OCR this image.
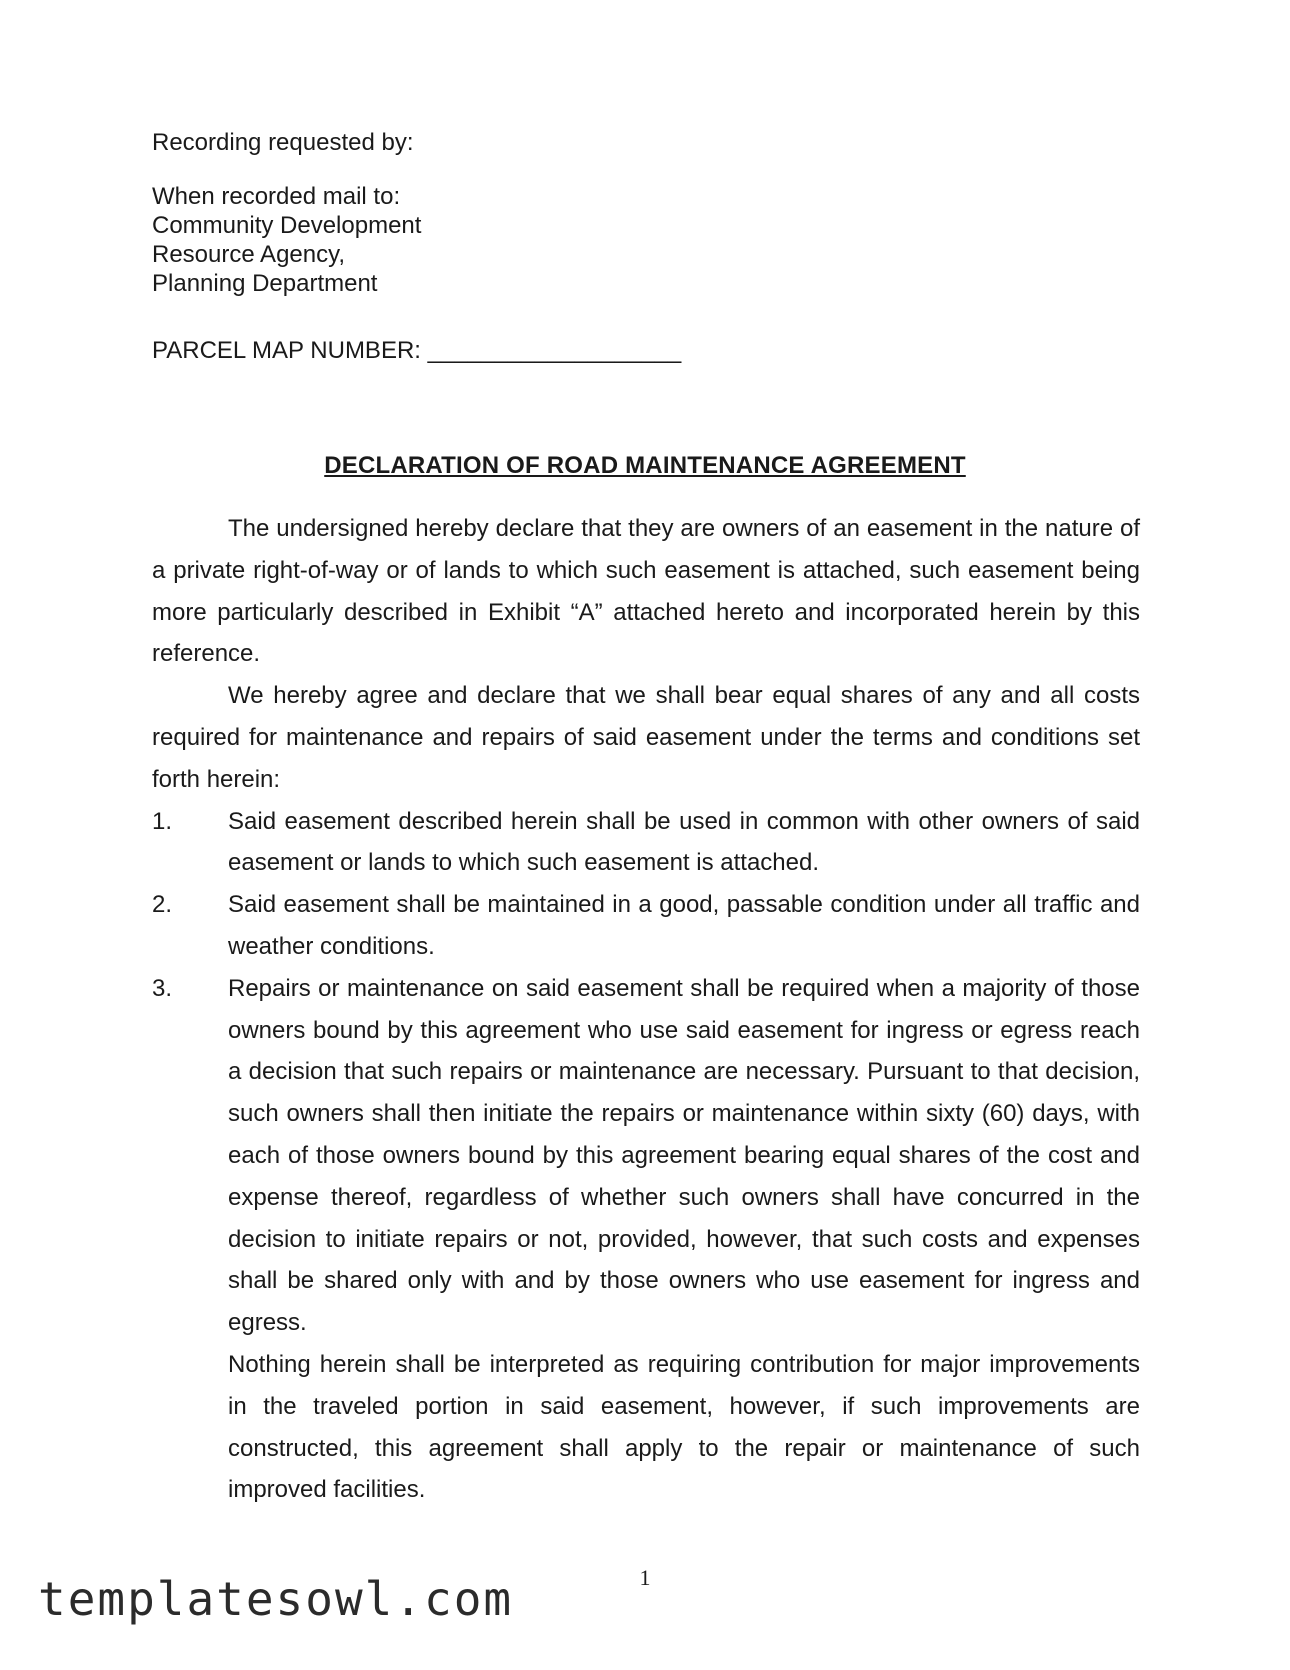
Recording requested by:

When recorded mail to:
Community Development
Resource Agency,
Planning Department

PARCEL MAP NUMBER: ___________________

DECLARATION OF ROAD MAINTENANCE AGREEMENT

The undersigned hereby declare that they are owners of an easement in the nature of a private right-of-way or of lands to which such easement is attached, such easement being more particularly described in Exhibit “A” attached hereto and incorporated herein by this reference.

We hereby agree and declare that we shall bear equal shares of any and all costs required for maintenance and repairs of said easement under the terms and conditions set forth herein:

1.	Said easement described herein shall be used in common with other owners of said easement or lands to which such easement is attached.

2.	Said easement shall be maintained in a good, passable condition under all traffic and weather conditions.

3.	Repairs or maintenance on said easement shall be required when a majority of those owners bound by this agreement who use said easement for ingress or egress reach a decision that such repairs or maintenance are necessary. Pursuant to that decision, such owners shall then initiate the repairs or maintenance within sixty (60) days, with each of those owners bound by this agreement bearing equal shares of the cost and expense thereof, regardless of whether such owners shall have concurred in the decision to initiate repairs or not, provided, however, that such costs and expenses shall be shared only with and by those owners who use easement for ingress and egress.

Nothing herein shall be interpreted as requiring contribution for major improvements in the traveled portion in said easement, however, if such improvements are constructed, this agreement shall apply to the repair or maintenance of such improved facilities.

1

templatesowl.com
